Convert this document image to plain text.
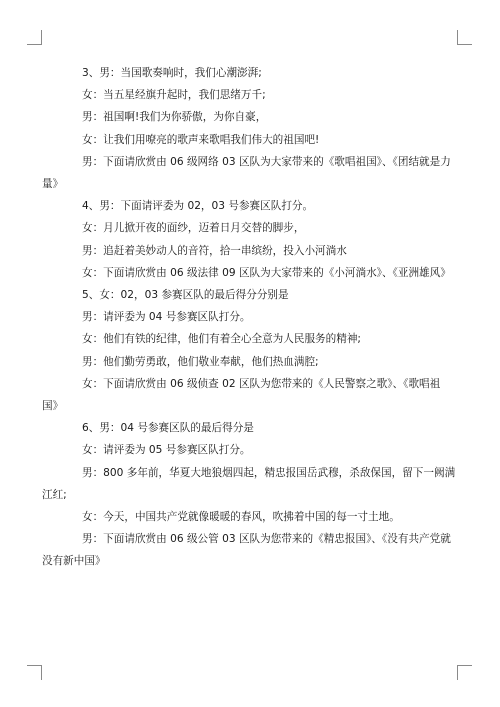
3、男：当国歌奏响时，我们心潮澎湃;

女：当五星经旗升起时，我们思绪万千;

男：祖国啊!我们为你骄傲，为你自豪，

女：让我们用嘹亮的歌声来歌唱我们伟大的祖国吧!

男：下面请欣赏由 06 级网络 03 区队为大家带来的《歌唱祖国》、《团结就是力
量》

4、男：下面请评委为 02，03 号参赛区队打分。

女：月儿掀开夜的面纱，迈着日月交替的脚步，

男：追赶着美妙动人的音符，拾一串缤纷，投入小河淌水

女：下面请欣赏由 06 级法律 09 区队为大家带来的《小河淌水》、《亚洲雄风》

5、女：02，03 参赛区队的最后得分分别是

男：请评委为 04 号参赛区队打分。

女：他们有铁的纪律，他们有着全心全意为人民服务的精神;

男：他们勤劳勇敢，他们敬业奉献，他们热血满腔;

女：下面请欣赏由 06 级侦查 02 区队为您带来的《人民警察之歌》、《歌唱祖
国》

6、男：04 号参赛区队的最后得分是

女：请评委为 05 号参赛区队打分。

男：800 多年前，华夏大地狼烟四起，精忠报国岳武穆，杀敌保国，留下一阙满
江红;

女：今天，中国共产党就像暖暖的春风，吹拂着中国的每一寸土地。

男：下面请欣赏由 06 级公管 03 区队为您带来的《精忠报国》、《没有共产党就
没有新中国》
